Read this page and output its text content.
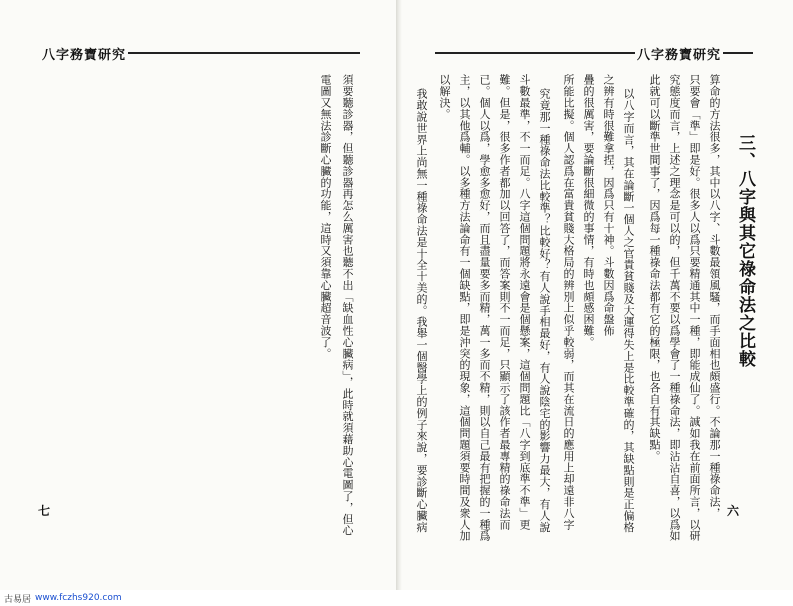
八字務寶研究
三、八字與其它祿命法之比較
算命的方法很多，其中以八字、斗數最領風騷，而手面相也頗盛行。不論那一種祿命法，
只要會「準」即是好。很多人以爲只要精通其中一種，即能成仙了。誠如我在前面所言，以研
究態度而言，上述之理念是可以的，但千萬不要以爲學會了一種祿命法，即沾沾自喜，以爲如
此就可以斷準世間事了，因爲每一種祿命法都有它的極限，也各自有其缺點。
以八字而言，其在論斷一個人之官貴貧賤及大運得失上是比較準確的，其缺點則是正偏格
之辨有時很難拿捏，因爲只有十神。斗數因爲命盤佈
疊的很厲害，要論斷很細微的事情，有時也頗感困難。
所能比擬。個人認爲在富貴貧賤大格局的辨別上似乎較弱，而其在流日的應用上却遠非八字
究竟那一種祿命法比較準？比較好？有人說手相最好，有人說陰宅的影響力最大，有人說
斗數最準，不一而足。八字這個問題將永遠會是個懸案，這個問題比「八字到底準不準」更
難。但是，很多作者都加以回答了，而答案則不一而足，只顯示了該作者最專精的祿命法而
已。個人以爲，學愈多愈好，而且盡量要多而精，萬一多而不精，則以自己最有把握的一種爲
主，以其他爲輔。以多種方法論命有一個缺點，即是沖突的現象，這個問題須要時間及衆人加
以解決。
我敢說世界上尚無一種祿命法是十全十美的。我舉一個醫學上的例子來說，要診斷心臟病	六
八字務寶研究
須要聽診器，但聽診器再怎么厲害也聽不出「缺血性心臟病」，此時就須藉助心電圖了，但心
電圖又無法診斷心臟的功能，這時又須靠心臟超音波了。
七
古易居 www.fczhs920.com
